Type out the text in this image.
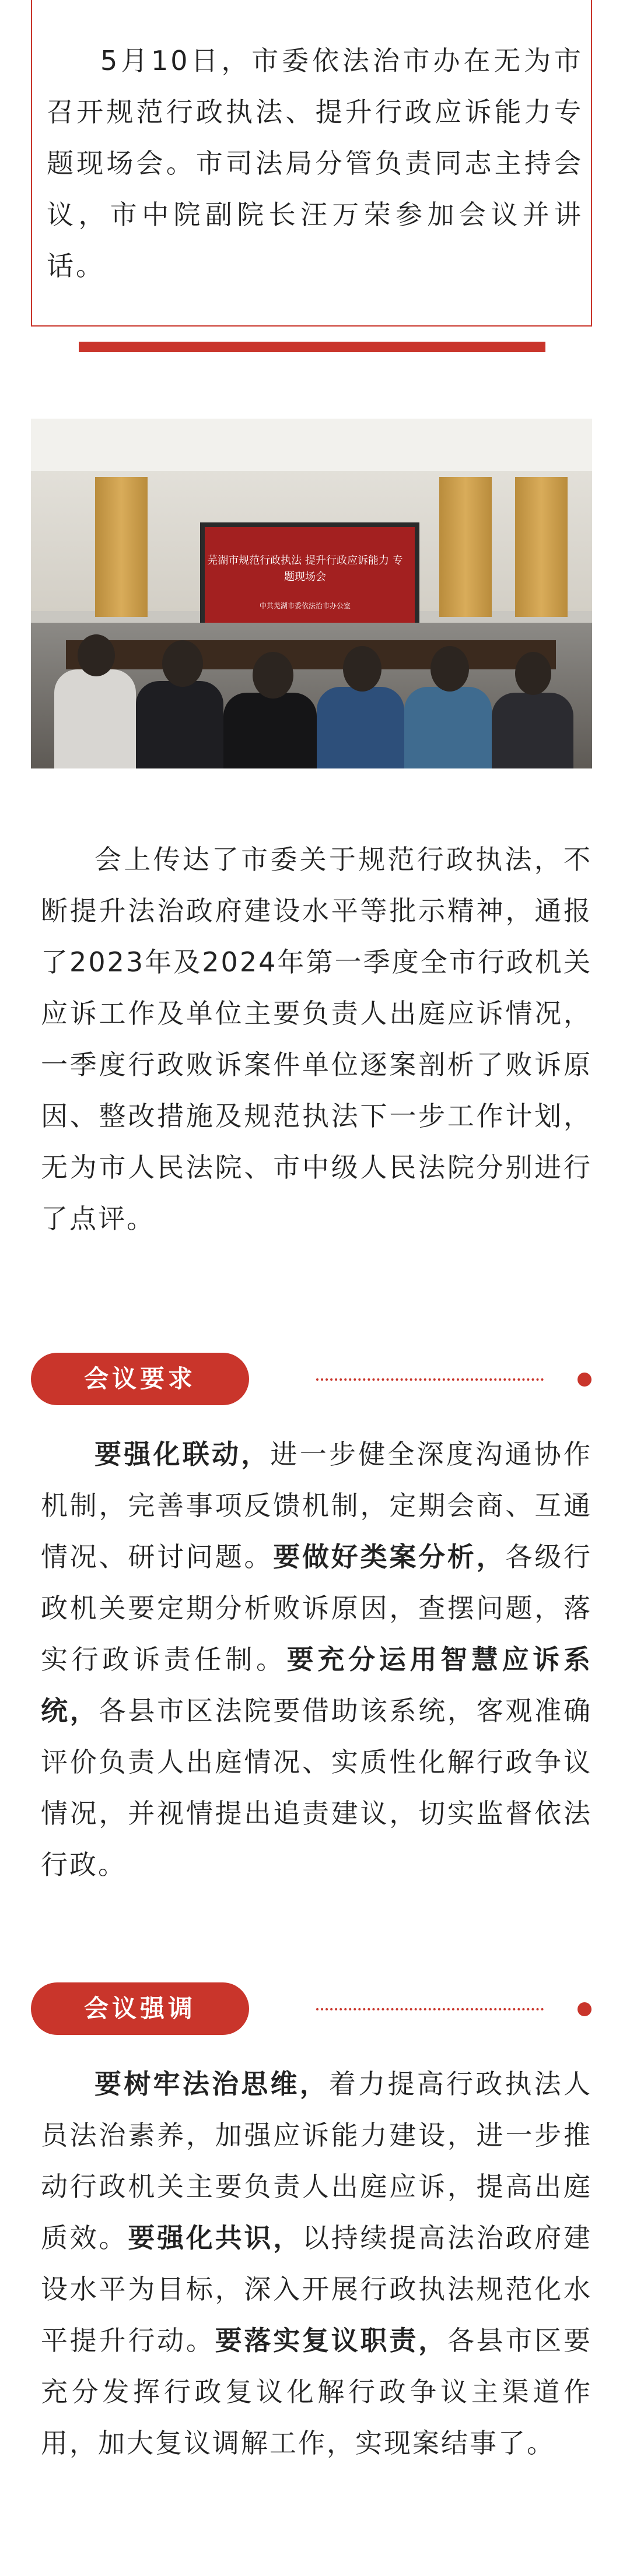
5月10日，市委依法治市办在无为市召开规范行政执法、提升行政应诉能力专题现场会。市司法局分管负责同志主持会议，市中院副院长汪万荣参加会议并讲话。

芜湖市规范行政执法 提升行政应诉能力 专题现场会
中共芜湖市委依法治市办公室

会上传达了市委关于规范行政执法，不断提升法治政府建设水平等批示精神，通报了2023年及2024年第一季度全市行政机关应诉工作及单位主要负责人出庭应诉情况，一季度行政败诉案件单位逐案剖析了败诉原因、整改措施及规范执法下一步工作计划，无为市人民法院、市中级人民法院分别进行了点评。

会议要求

要强化联动，进一步健全深度沟通协作机制，完善事项反馈机制，定期会商、互通情况、研讨问题。要做好类案分析，各级行政机关要定期分析败诉原因，查摆问题，落实行政诉责任制。要充分运用智慧应诉系统，各县市区法院要借助该系统，客观准确评价负责人出庭情况、实质性化解行政争议情况，并视情提出追责建议，切实监督依法行政。

会议强调

要树牢法治思维，着力提高行政执法人员法治素养，加强应诉能力建设，进一步推动行政机关主要负责人出庭应诉，提高出庭质效。要强化共识，以持续提高法治政府建设水平为目标，深入开展行政执法规范化水平提升行动。要落实复议职责，各县市区要充分发挥行政复议化解行政争议主渠道作用，加大复议调解工作，实现案结事了。
